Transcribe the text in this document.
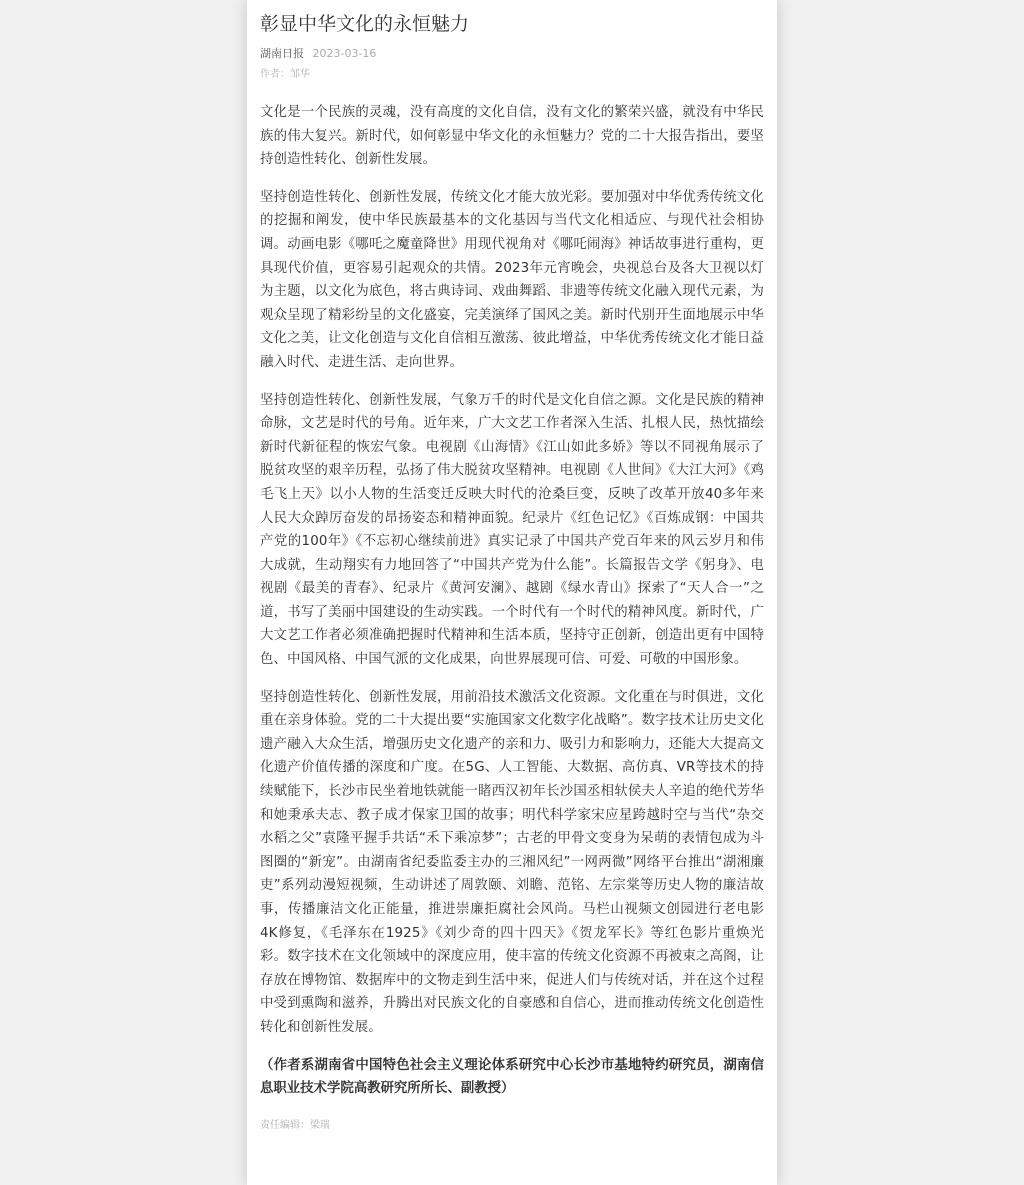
彰显中华文化的永恒魅力
湖南日报 2023-03-16
作者：邹华

文化是一个民族的灵魂，没有高度的文化自信，没有文化的繁荣兴盛，就没有中华民族的伟大复兴。新时代，如何彰显中华文化的永恒魅力？党的二十大报告指出，要坚持创造性转化、创新性发展。

坚持创造性转化、创新性发展，传统文化才能大放光彩。要加强对中华优秀传统文化的挖掘和阐发，使中华民族最基本的文化基因与当代文化相适应、与现代社会相协调。动画电影《哪吒之魔童降世》用现代视角对《哪吒闹海》神话故事进行重构，更具现代价值，更容易引起观众的共情。2023年元宵晚会，央视总台及各大卫视以灯为主题，以文化为底色，将古典诗词、戏曲舞蹈、非遗等传统文化融入现代元素，为观众呈现了精彩纷呈的文化盛宴，完美演绎了国风之美。新时代别开生面地展示中华文化之美，让文化创造与文化自信相互激荡、彼此增益，中华优秀传统文化才能日益融入时代、走进生活、走向世界。

坚持创造性转化、创新性发展，气象万千的时代是文化自信之源。文化是民族的精神命脉，文艺是时代的号角。近年来，广大文艺工作者深入生活、扎根人民，热忱描绘新时代新征程的恢宏气象。电视剧《山海情》《江山如此多娇》等以不同视角展示了脱贫攻坚的艰辛历程，弘扬了伟大脱贫攻坚精神。电视剧《人世间》《大江大河》《鸡毛飞上天》以小人物的生活变迁反映大时代的沧桑巨变，反映了改革开放40多年来人民大众踔厉奋发的昂扬姿态和精神面貌。纪录片《红色记忆》《百炼成钢：中国共产党的100年》《不忘初心继续前进》真实记录了中国共产党百年来的风云岁月和伟大成就，生动翔实有力地回答了“中国共产党为什么能”。长篇报告文学《躬身》、电视剧《最美的青春》、纪录片《黄河安澜》、越剧《绿水青山》探索了“天人合一”之道，书写了美丽中国建设的生动实践。一个时代有一个时代的精神风度。新时代，广大文艺工作者必须准确把握时代精神和生活本质，坚持守正创新，创造出更有中国特色、中国风格、中国气派的文化成果，向世界展现可信、可爱、可敬的中国形象。

坚持创造性转化、创新性发展，用前沿技术激活文化资源。文化重在与时俱进，文化重在亲身体验。党的二十大提出要“实施国家文化数字化战略”。数字技术让历史文化遗产融入大众生活，增强历史文化遗产的亲和力、吸引力和影响力，还能大大提高文化遗产价值传播的深度和广度。在5G、人工智能、大数据、高仿真、VR等技术的持续赋能下，长沙市民坐着地铁就能一睹西汉初年长沙国丞相轪侯夫人辛追的绝代芳华和她秉承夫志、教子成才保家卫国的故事；明代科学家宋应星跨越时空与当代“杂交水稻之父”袁隆平握手共话“禾下乘凉梦”；古老的甲骨文变身为呆萌的表情包成为斗图圈的“新宠”。由湖南省纪委监委主办的三湘风纪”一网两微”网络平台推出“湖湘廉吏”系列动漫短视频，生动讲述了周敦颐、刘瞻、范铭、左宗棠等历史人物的廉洁故事，传播廉洁文化正能量，推进崇廉拒腐社会风尚。马栏山视频文创园进行老电影4K修复，《毛泽东在1925》《刘少奇的四十四天》《贺龙军长》等红色影片重焕光彩。数字技术在文化领域中的深度应用，使丰富的传统文化资源不再被束之高阁，让存放在博物馆、数据库中的文物走到生活中来，促进人们与传统对话，并在这个过程中受到熏陶和滋养，升腾出对民族文化的自豪感和自信心，进而推动传统文化创造性转化和创新性发展。

（作者系湖南省中国特色社会主义理论体系研究中心长沙市基地特约研究员，湖南信息职业技术学院高教研究所所长、副教授）

责任编辑：梁瑞
